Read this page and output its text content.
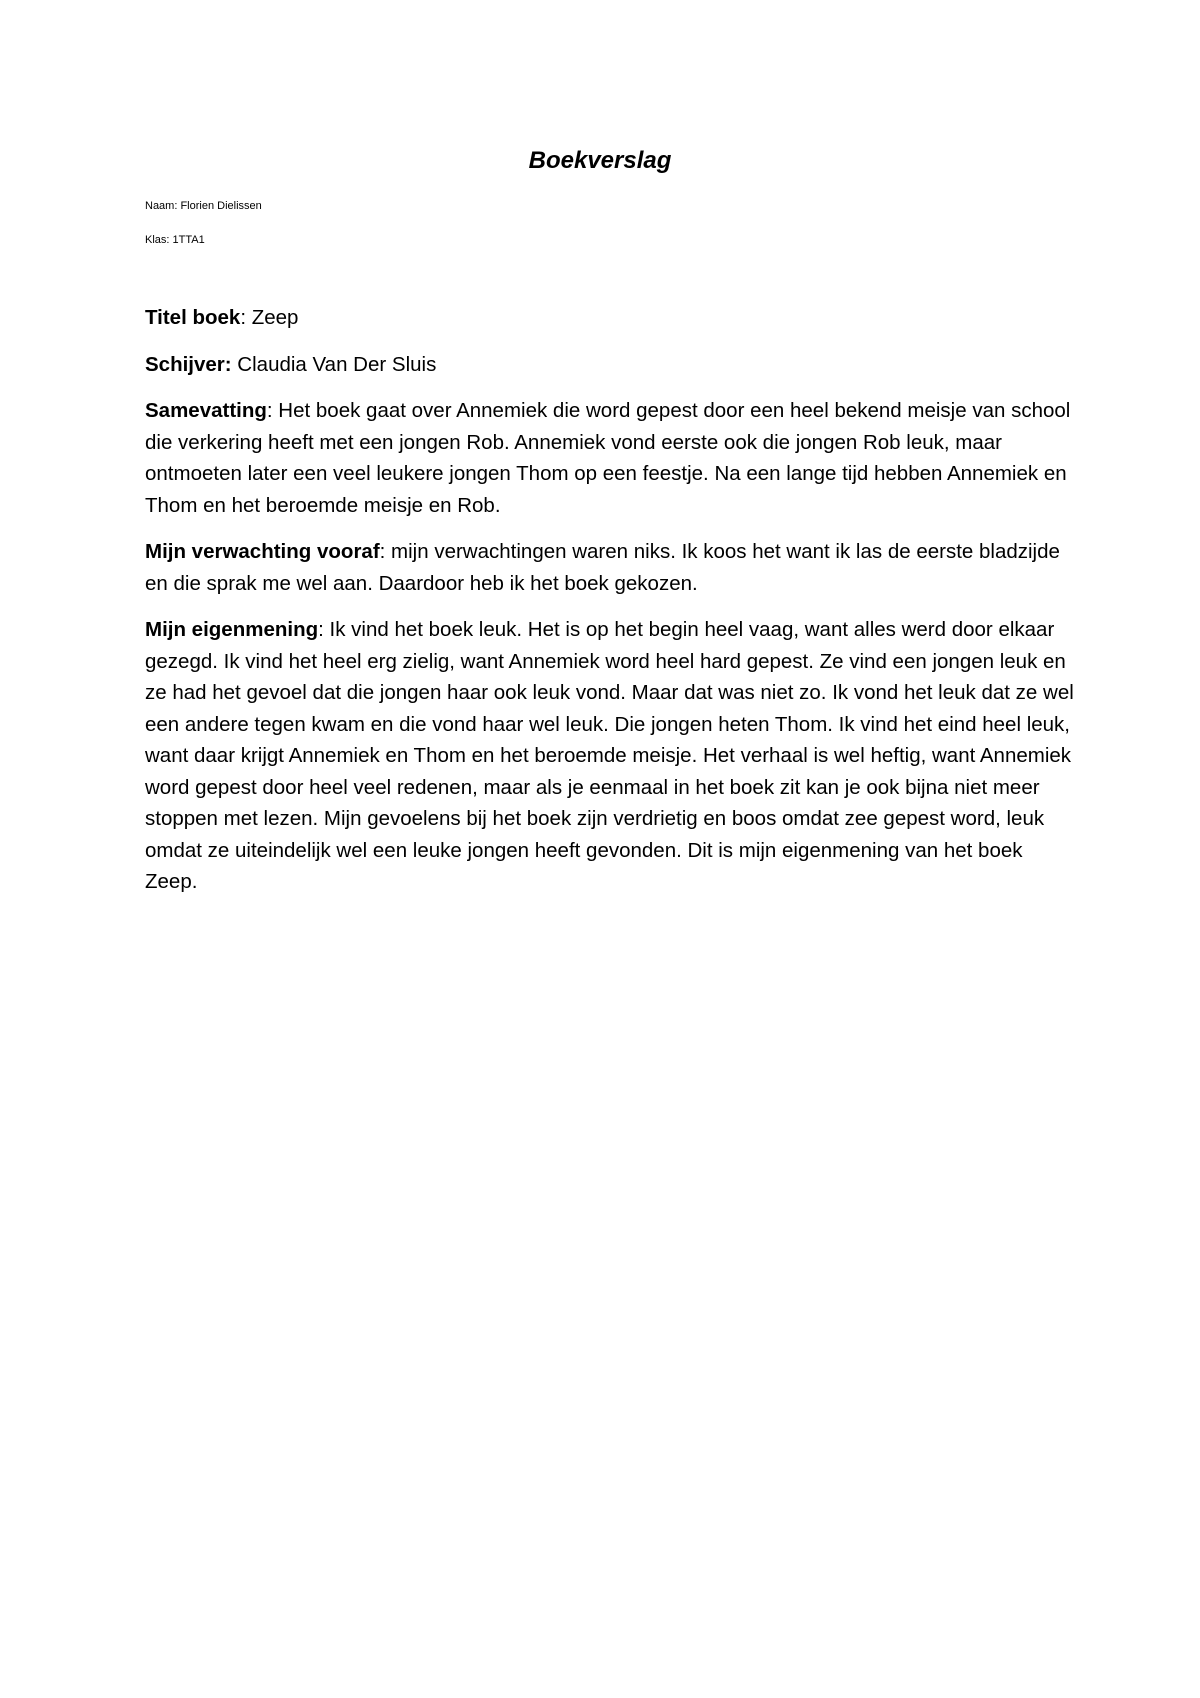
Boekverslag

Naam: Florien Dielissen

Klas: 1TTA1

Titel boek: Zeep

Schijver: Claudia Van Der Sluis

Samevatting: Het boek gaat over Annemiek die word gepest door een heel bekend meisje van school die verkering heeft met een jongen Rob. Annemiek vond eerste ook die jongen Rob leuk, maar ontmoeten later een veel leukere jongen Thom op een feestje. Na een lange tijd hebben Annemiek en Thom en het beroemde meisje en Rob.

Mijn verwachting vooraf: mijn verwachtingen waren niks. Ik koos het want ik las de eerste bladzijde en die sprak me wel aan. Daardoor heb ik het boek gekozen.

Mijn eigenmening: Ik vind het boek leuk. Het is op het begin heel vaag, want alles werd door elkaar gezegd. Ik vind het heel erg zielig, want Annemiek word heel hard gepest. Ze vind een jongen leuk en ze had het gevoel dat die jongen haar ook leuk vond. Maar dat was niet zo. Ik vond het leuk dat ze wel een andere tegen kwam en die vond haar wel leuk. Die jongen heten Thom. Ik vind het eind heel leuk, want daar krijgt Annemiek en Thom en het beroemde meisje. Het verhaal is wel heftig, want Annemiek word gepest door heel veel redenen, maar als je eenmaal in het boek zit kan je ook bijna niet meer stoppen met lezen. Mijn gevoelens bij het boek zijn verdrietig en boos omdat zee gepest word, leuk omdat ze uiteindelijk wel een leuke jongen heeft gevonden. Dit is mijn eigenmening van het boek Zeep.
